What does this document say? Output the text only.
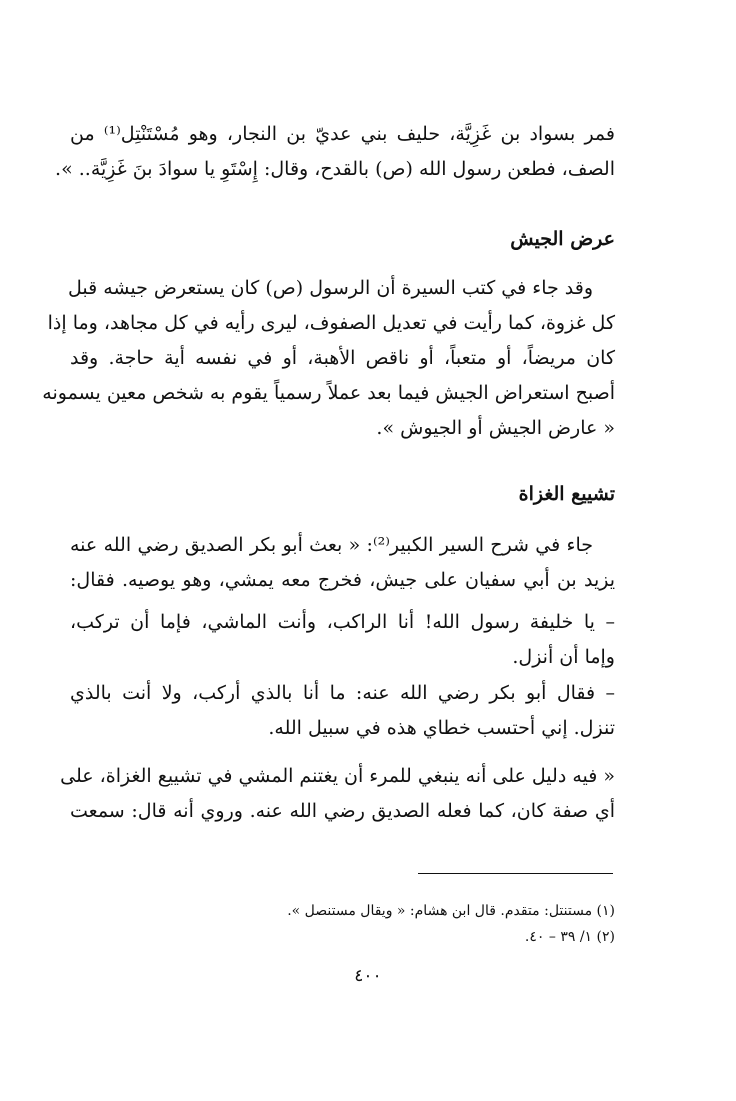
فمر بسواد بن غَزِيَّة، حليف بني عديّ بن النجار، وهو مُسْتَنْتِل⁽¹⁾ من
الصف، فطعن رسول الله (ص) بالقدح، وقال: إِسْتَوِ يا سوادَ بنَ غَزِيَّة.. ».
عرض الجيش
وقد جاء في كتب السيرة أن الرسول (ص) كان يستعرض جيشه قبل
كل غزوة، كما رأيت في تعديل الصفوف، ليرى رأيه في كل مجاهد، وما إذا
كان مريضاً، أو متعباً، أو ناقص الأهبة، أو في نفسه أية حاجة. وقد
أصبح استعراض الجيش فيما بعد عملاً رسمياً يقوم به شخص معين يسمونه
« عارض الجيش أو الجيوش ».
تشييع الغزاة
جاء في شرح السير الكبير⁽²⁾: « بعث أبو بكر الصديق رضي الله عنه
يزيد بن أبي سفيان على جيش، فخرج معه يمشي، وهو يوصيه. فقال:
– يا خليفة رسول الله! أنا الراكب، وأنت الماشي، فإما أن تركب،
وإما أن أنزل.
– فقال أبو بكر رضي الله عنه: ما أنا بالذي أركب، ولا أنت بالذي
تنزل. إني أحتسب خطاي هذه في سبيل الله.
« فيه دليل على أنه ينبغي للمرء أن يغتنم المشي في تشييع الغزاة، على
أي صفة كان، كما فعله الصديق رضي الله عنه. وروي أنه قال: سمعت
(١) مستنتل: متقدم. قال ابن هشام: « ويقال مستنصل ».
(٢) ١/ ٣٩ – ٤٠.
٤٠٠
